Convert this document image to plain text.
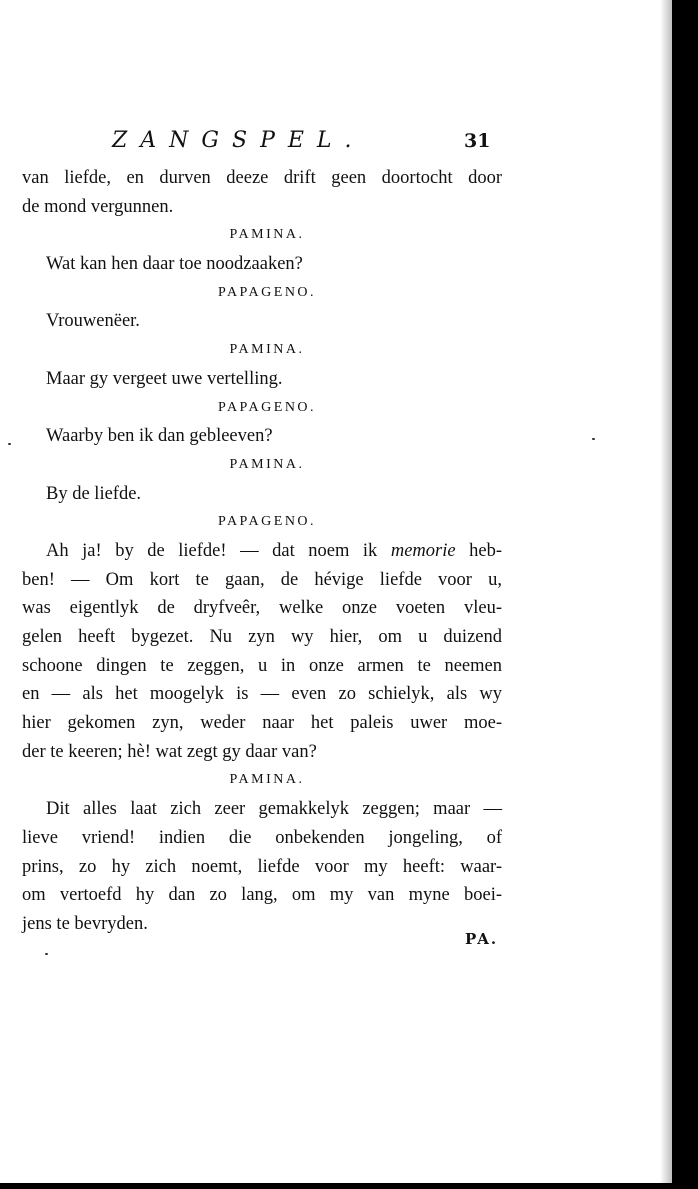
ZANGSPEL.	31
van liefde, en durven deeze drift geen doortocht door
de mond vergunnen.
PAMINA.
Wat kan hen daar toe noodzaaken?
PAPAGENO.
Vrouwenëer.
PAMINA.
Maar gy vergeet uwe vertelling.
PAPAGENO.
Waarby ben ik dan gebleeven?
PAMINA.
By de liefde.
PAPAGENO.
Ah ja! by de liefde! — dat noem ik memorie heb-
ben! — Om kort te gaan, de hévige liefde voor u,
was eigentlyk de dryfveêr, welke onze voeten vleu-
gelen heeft bygezet. Nu zyn wy hier, om u duizend
schoone dingen te zeggen, u in onze armen te neemen
en — als het moogelyk is — even zo schielyk, als wy
hier gekomen zyn, weder naar het paleis uwer moe-
der te keeren; hè! wat zegt gy daar van?
PAMINA.
Dit alles laat zich zeer gemakkelyk zeggen; maar —
lieve vriend! indien die onbekenden jongeling, of
prins, zo hy zich noemt, liefde voor my heeft: waar-
om vertoefd hy dan zo lang, om my van myne boei-
jens te bevryden.
PA.
